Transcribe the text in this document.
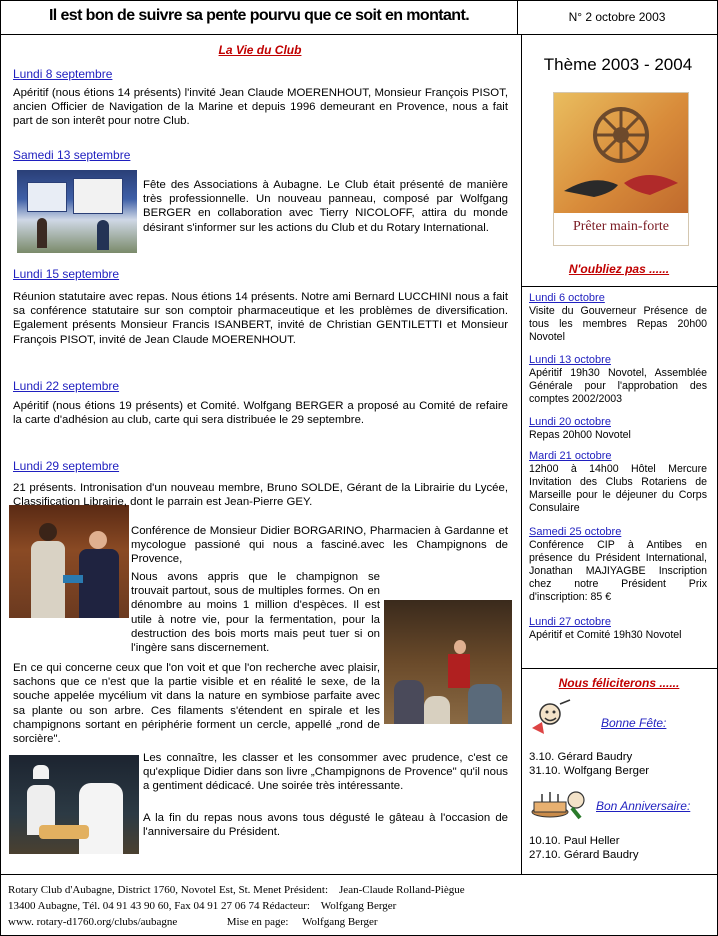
Il est bon de suivre sa pente pourvu que ce soit en montant.	N° 2 octobre 2003
La Vie du Club
Lundi 8 septembre
Apéritif (nous étions 14 présents) l'invité Jean Claude MOERENHOUT, Monsieur François PISOT, ancien Officier de Navigation de la Marine et depuis 1996 demeurant en Provence, nous a fait part de son interêt pour notre Club.
Samedi 13 septembre
Fête des Associations à Aubagne. Le Club était présenté de manière très professionnelle. Un nouveau panneau, composé par Wolfgang BERGER en collaboration avec Tierry NICOLOFF, attira du monde désirant s'informer sur les actions du Club et du Rotary International.
Lundi 15 septembre
Réunion statutaire avec repas. Nous étions 14 présents. Notre ami Bernard LUCCHINI nous a fait sa conférence statutaire sur son comptoir pharmaceutique et les problèmes de diversification. Egalement présents Monsieur Francis ISANBERT, invité de Christian GENTILETTI et Monsieur François PISOT, invité de Jean Claude MOERENHOUT.
Lundi 22 septembre
Apéritif (nous étions 19 présents) et Comité. Wolfgang BERGER a proposé au Comité de refaire la carte d'adhésion au club, carte qui sera distribuée le 29 septembre.
Lundi 29 septembre
21 présents. Intronisation d'un nouveau membre, Bruno SOLDE, Gérant de la Librairie du Lycée, Classification Librairie, dont le parrain est Jean-Pierre GEY.
Conférence de Monsieur Didier BORGARINO, Pharmacien à Gardanne et mycologue passioné qui nous a fasciné.avec les Champignons de Provence,
Nous avons appris que le champignon se trouvait partout, sous de multiples formes. On en dénombre au moins 1 million d'espèces. Il est utile à notre vie, pour la fermentation, pour la destruction des bois morts mais peut tuer si on l'ingère sans discernement.
En ce qui concerne ceux que l'on voit et que l'on recherche avec plaisir, sachons que ce n'est que la partie visible et en réalité le sexe, de la souche appelée mycélium vit dans la nature en symbiose parfaite avec sa plante ou son arbre. Ces filaments s'étendent en spirale et les champignons sortant en périphérie forment un cercle, appellé „rond de sorcière".
Les connaître, les classer et les consommer avec prudence, c'est ce qu'explique Didier dans son livre „Champignons de Provence" qu'il nous a gentiment dédicacé. Une soirée très intéressante.
A la fin du repas nous avons tous dégusté le gâteau à l'occasion de l'anniversaire du Président.
Thème 2003 - 2004
Prêter main-forte
N'oubliez pas ......
Lundi 6 octobre
Visite du Gouverneur Présence de tous les membres Repas 20h00 Novotel
Lundi 13 octobre
Apéritif 19h30 Novotel, Assemblée Générale pour l'approbation des comptes 2002/2003
Lundi 20 octobre
Repas 20h00 Novotel
Mardi 21 octobre
12h00 à 14h00 Hôtel Mercure Invitation des Clubs Rotariens de Marseille pour le déjeuner du Corps Consulaire
Samedi 25 octobre
Conférence CIP à Antibes en présence du Président International, Jonathan MAJIYAGBE Inscription chez notre Président Prix d'inscription: 85 €
Lundi 27 octobre
Apéritif et Comité 19h30 Novotel
Nous féliciterons ......
Bonne Fête:
3.10. Gérard Baudry
31.10. Wolfgang Berger
Bon Anniversaire:
10.10. Paul Heller
27.10. Gérard Baudry
Rotary Club d'Aubagne, District 1760, Novotel Est, St. Menet Président:    Jean-Claude Rolland-Piègue
13400 Aubagne, Tél. 04 91 43 90 60, Fax 04 91 27 06 74 Rédacteur:    Wolfgang Berger
www. rotary-d1760.org/clubs/aubagne                  Mise en page:     Wolfgang Berger
